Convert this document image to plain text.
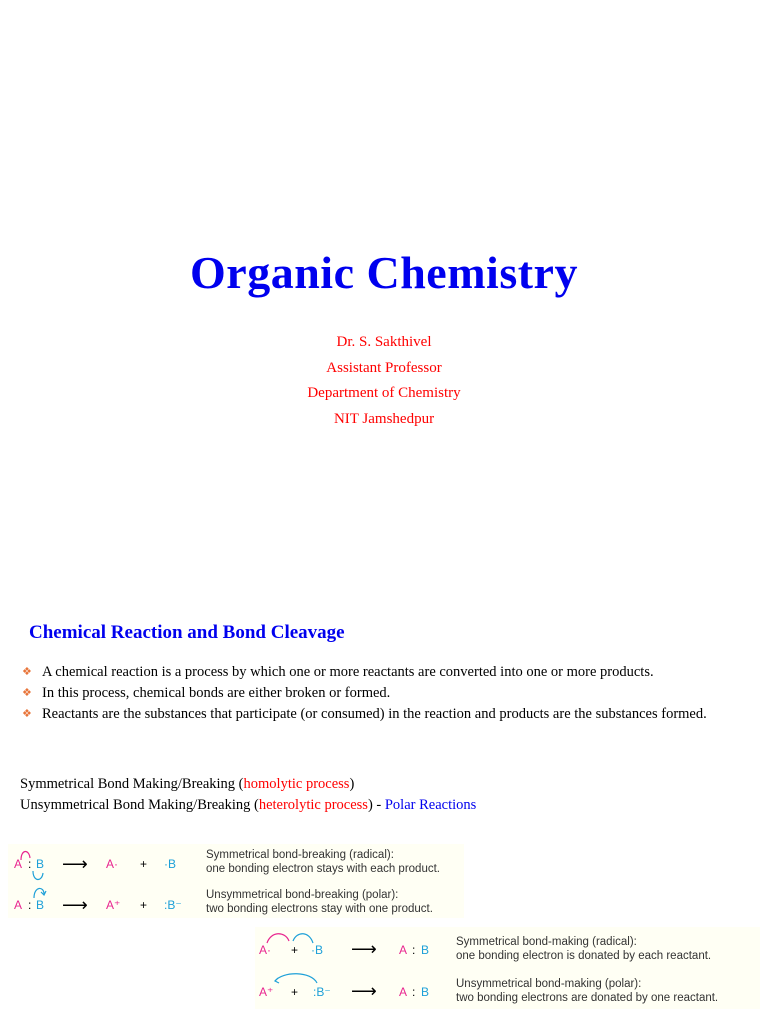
Organic Chemistry
Dr. S. Sakthivel
Assistant Professor
Department of Chemistry
NIT Jamshedpur
Chemical Reaction and Bond Cleavage
❖ A chemical reaction is a process by which one or more reactants are converted into one or more products.
❖ In this process, chemical bonds are either broken or formed.
❖ Reactants are the substances that participate (or consumed) in the reaction and products are the substances formed.
Symmetrical Bond Making/Breaking (homolytic process)
Unsymmetrical Bond Making/Breaking (heterolytic process) - Polar Reactions
A : B ⟶ A· + ·B
Symmetrical bond-breaking (radical):
one bonding electron stays with each product.
A : B ⟶ A⁺ + :B⁻
Unsymmetrical bond-breaking (polar):
two bonding electrons stay with one product.
A· + ·B ⟶ A : B
Symmetrical bond-making (radical):
one bonding electron is donated by each reactant.
A⁺ + :B⁻ ⟶ A : B
Unsymmetrical bond-making (polar):
two bonding electrons are donated by one reactant.
